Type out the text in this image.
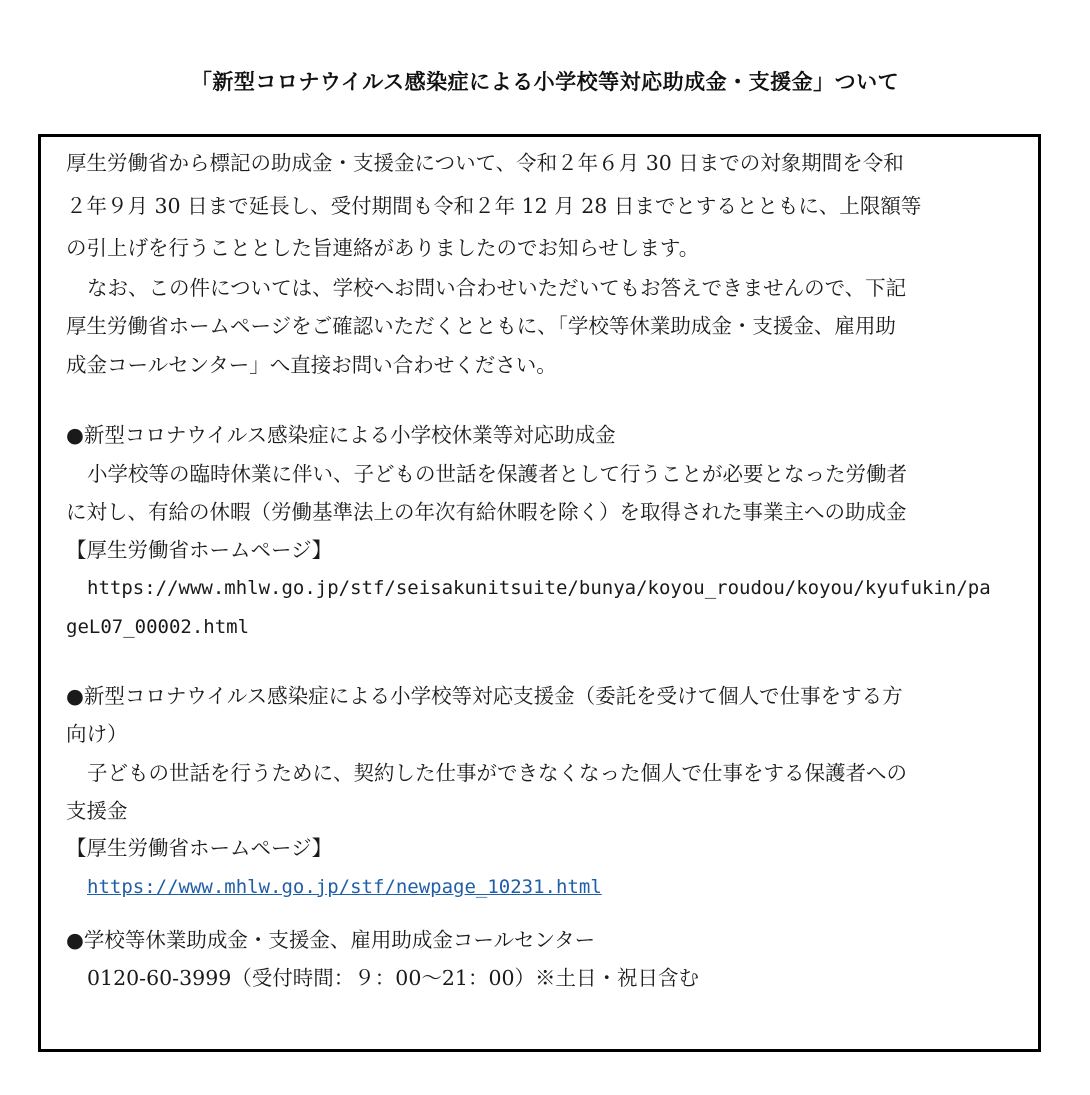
「新型コロナウイルス感染症による小学校等対応助成金・支援金」ついて
厚生労働省から標記の助成金・支援金について、令和２年６月 30 日までの対象期間を令和
２年９月 30 日まで延長し、受付期間も令和２年 12 月 28 日までとするとともに、上限額等
の引上げを行うこととした旨連絡がありましたのでお知らせします。
なお、この件については、学校へお問い合わせいただいてもお答えできませんので、下記
厚生労働省ホームページをご確認いただくとともに、「学校等休業助成金・支援金、雇用助
成金コールセンター」へ直接お問い合わせください。
●新型コロナウイルス感染症による小学校休業等対応助成金
小学校等の臨時休業に伴い、子どもの世話を保護者として行うことが必要となった労働者
に対し、有給の休暇（労働基準法上の年次有給休暇を除く）を取得された事業主への助成金
【厚生労働省ホームページ】
https://www.mhlw.go.jp/stf/seisakunitsuite/bunya/koyou_roudou/koyou/kyufukin/pa
geL07_00002.html
●新型コロナウイルス感染症による小学校等対応支援金（委託を受けて個人で仕事をする方
向け）
子どもの世話を行うために、契約した仕事ができなくなった個人で仕事をする保護者への
支援金
【厚生労働省ホームページ】
https://www.mhlw.go.jp/stf/newpage_10231.html
●学校等休業助成金・支援金、雇用助成金コールセンター
0120-60-3999（受付時間：９：00～21：00）※土日・祝日含む
